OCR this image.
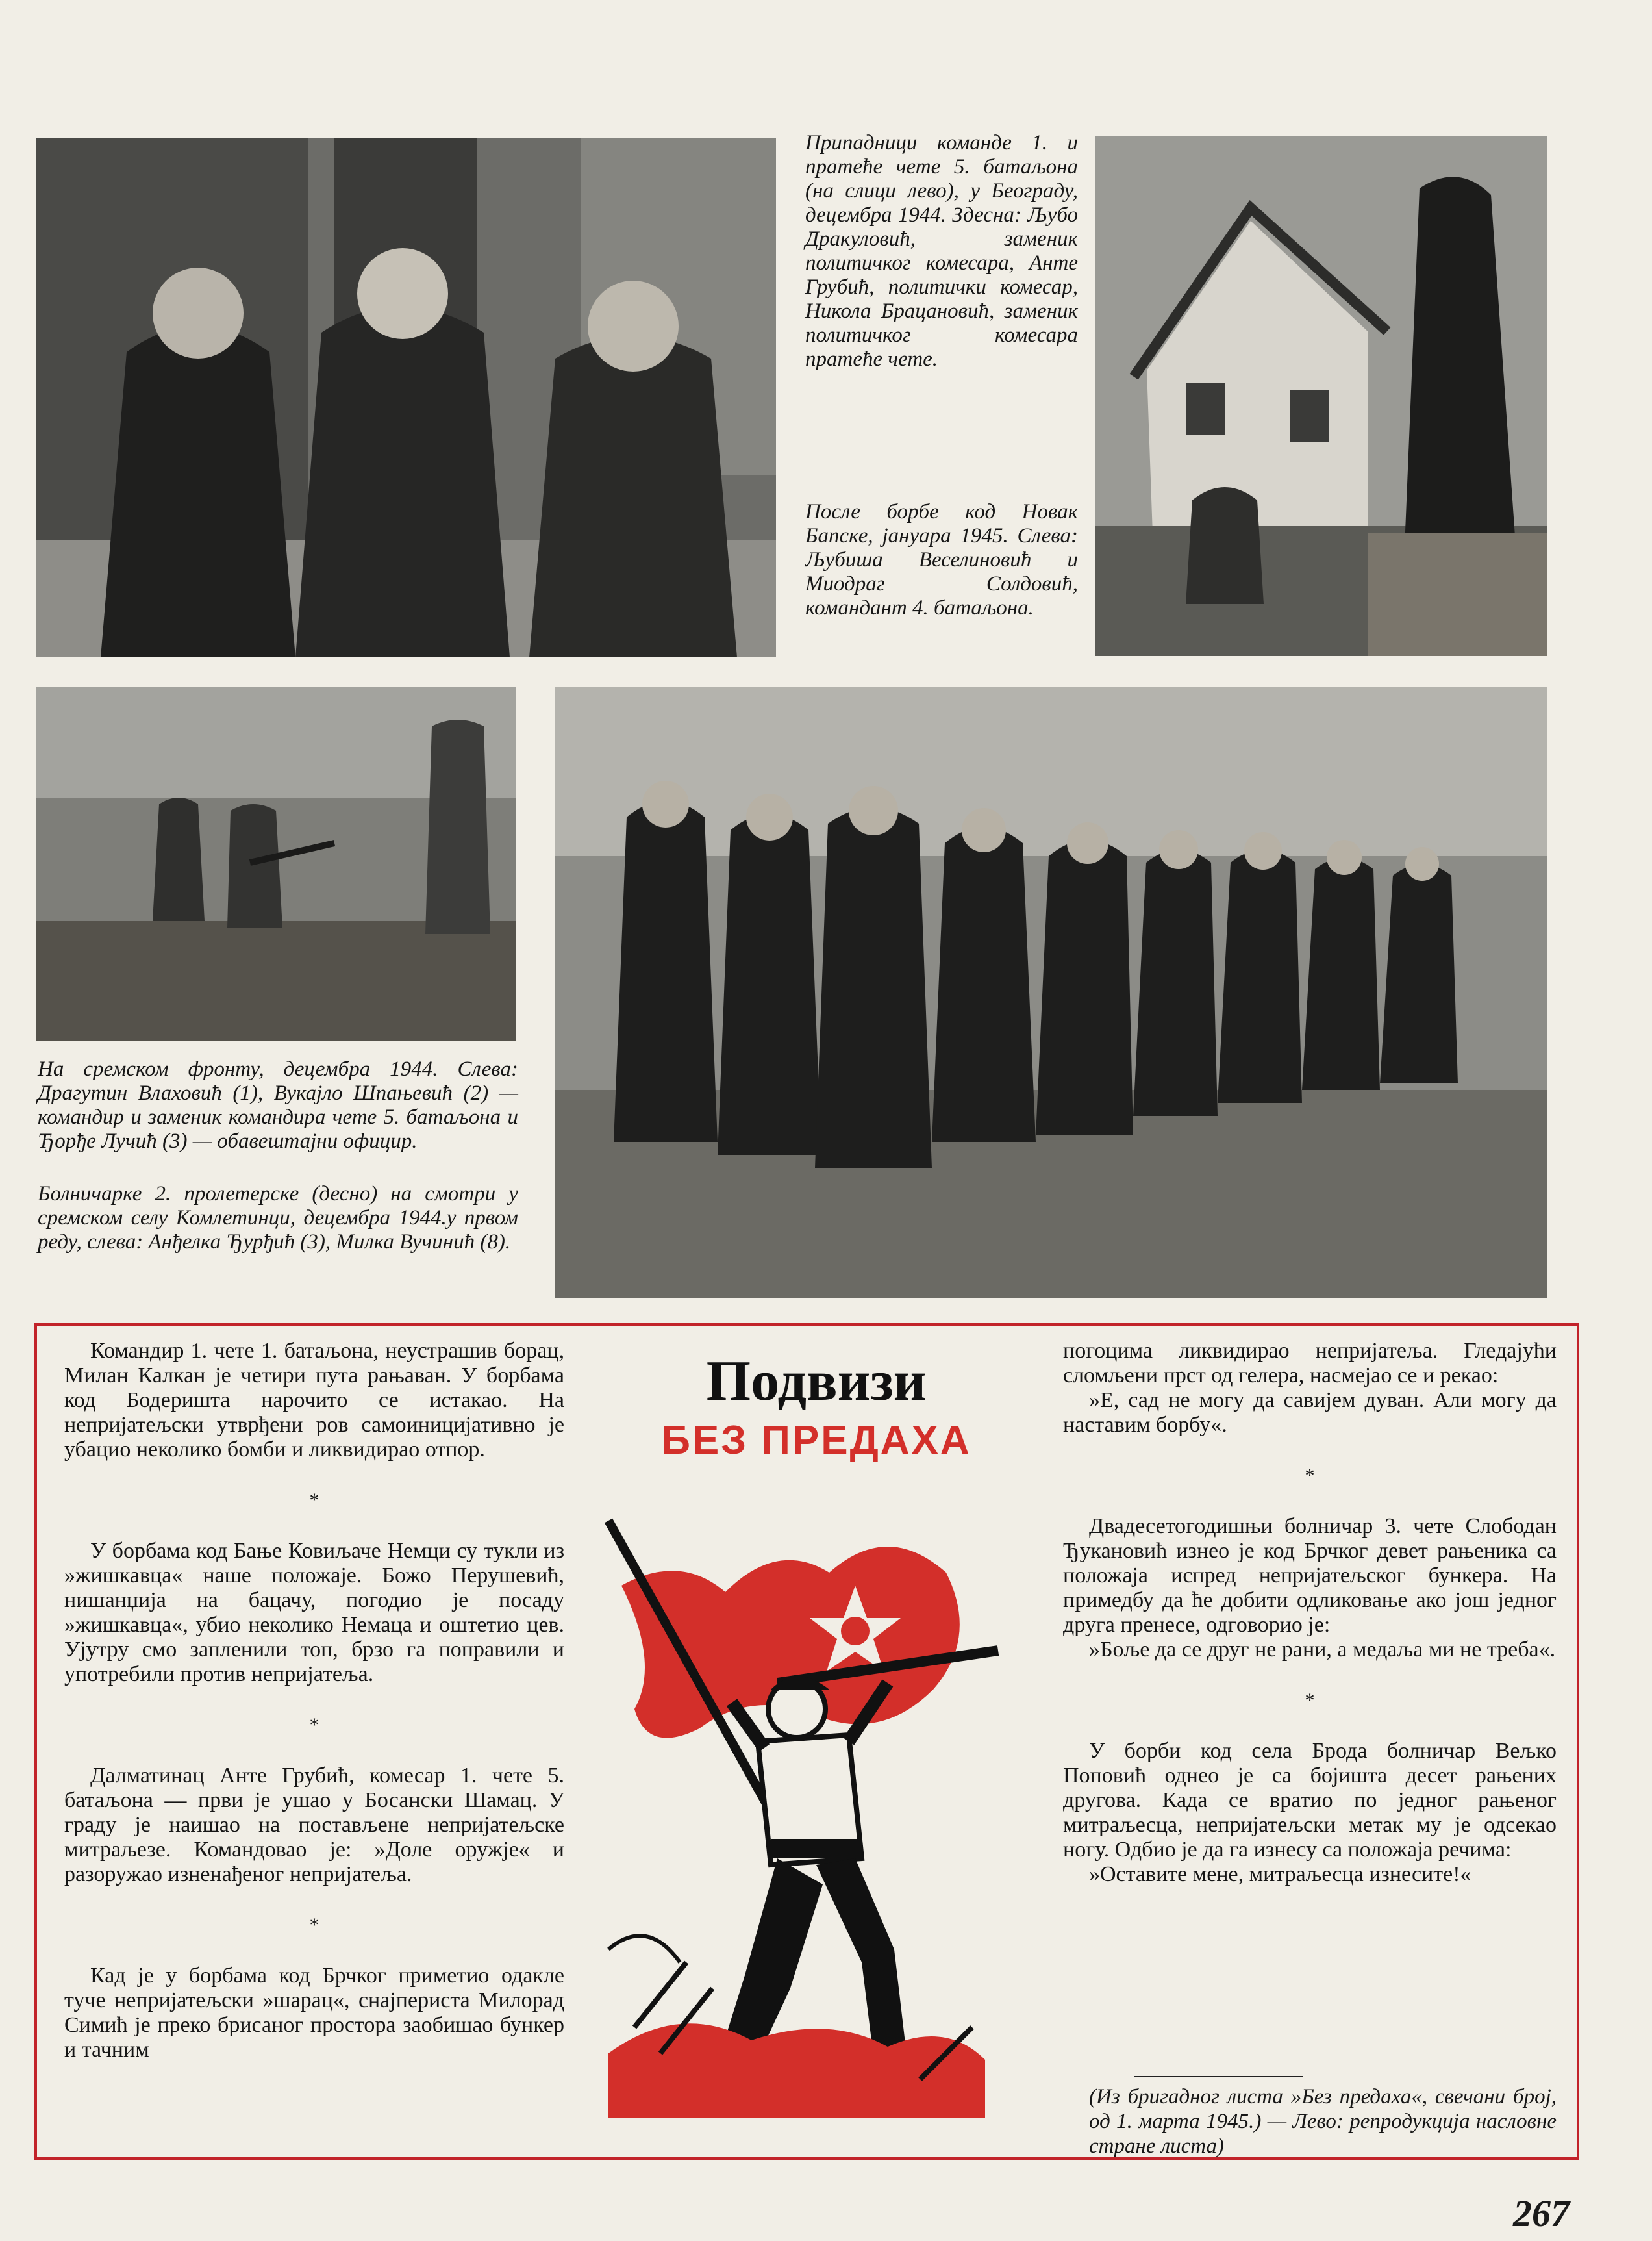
Припадници команде 1. и пратеће чете 5. батаљона (на слици лево), у Београду, децембра 1944. Здесна: Љубо Дракуловић, заменик политичког комесара, Анте Грубић, политички комесар, Никола Брацановић, заменик политичког комесара пратеће чете.

После борбе код Новак Бапске, јануара 1945. Слева: Љубиша Веселиновић и Миодраг Солдовић, командант 4. батаљона.

На сремском фронту, децембра 1944. Слева: Драгутин Влаховић (1), Вукајло Шпањевић (2) — командир и заменик командира чете 5. батаљона и Ђорђе Лучић (3) — обавештајни официр.

Болничарке 2. пролетерске (десно) на смотри у сремском селу Комлетинци, децембра 1944.у првом реду, слева: Анђелка Ђурђић (3), Милка Вучинић (8).

Командир 1. чете 1. батаљона, неустрашив борац, Милан Калкан је четири пута рањаван. У борбама код Бодеришта нарочито се истакао. На непријатељски утврђени ров самоиницијативно је убацио неколико бомби и ликвидирао отпор.

*

У борбама код Бање Ковиљаче Немци су тукли из »жишкавца« наше положаје. Божо Перушевић, нишанџија на бацачу, погодио је посаду »жишкавца«, убио неколико Немаца и оштетио цев. Ујутру смо запленили топ, брзо га поправили и употребили против непријатеља.

*

Далматинац Анте Грубић, комесар 1. чете 5. батаљона — први је ушао у Босански Шамац. У граду је наишао на постављене непријатељске митраљезе. Командовао је: »Доле оружје« и разоружао изненађеног непријатеља.

*

Кад је у борбама код Брчког приметио одакле туче непријатељски »шарац«, снајпериста Милорад Симић је преко брисаног простора заобишао бункер и тачним

Подвизи
БЕЗ ПРЕДАХА

погоцима ликвидирао непријатеља. Гледајући сломљени прст од гелера, насмејао се и рекао:

»Е, сад не могу да савијем дуван. Али могу да наставим борбу«.

*

Двадесетогодишњи болничар 3. чете Слободан Ђукановић изнео је код Брчког девет рањеника са положаја испред непријатељског бункера. На примедбу да ће добити одликовање ако још једног друга пренесе, одговорио је:

»Боље да се друг не рани, а медаља ми не треба«.

*

У борби код села Брода болничар Вељко Поповић однео је са бојишта десет рањених другова. Када се вратио по једног рањеног митраљесца, непријатељски метак му је одсекао ногу. Одбио је да га изнесу са положаја речима:

»Оставите мене, митраљесца изнесите!«

(Из бригадног листа »Без предаха«, свечани број, од 1. марта 1945.) — Лево: репродукција насловне стране листа)

267
